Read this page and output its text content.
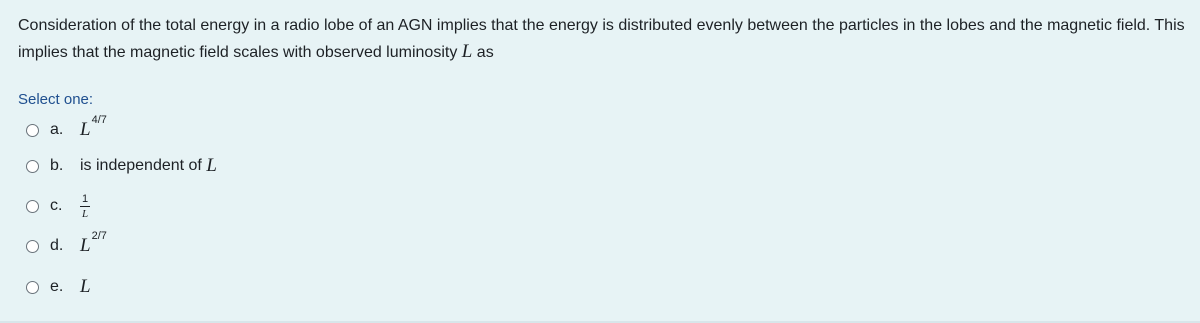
Consideration of the total energy in a radio lobe of an AGN implies that the energy is distributed evenly between the particles in the lobes and the magnetic field. This implies that the magnetic field scales with observed luminosity L as
Select one:
a. L 4/7
b.	is independent of L
c.	$\frac{1}{L}$
d. L 2/7
e. L
